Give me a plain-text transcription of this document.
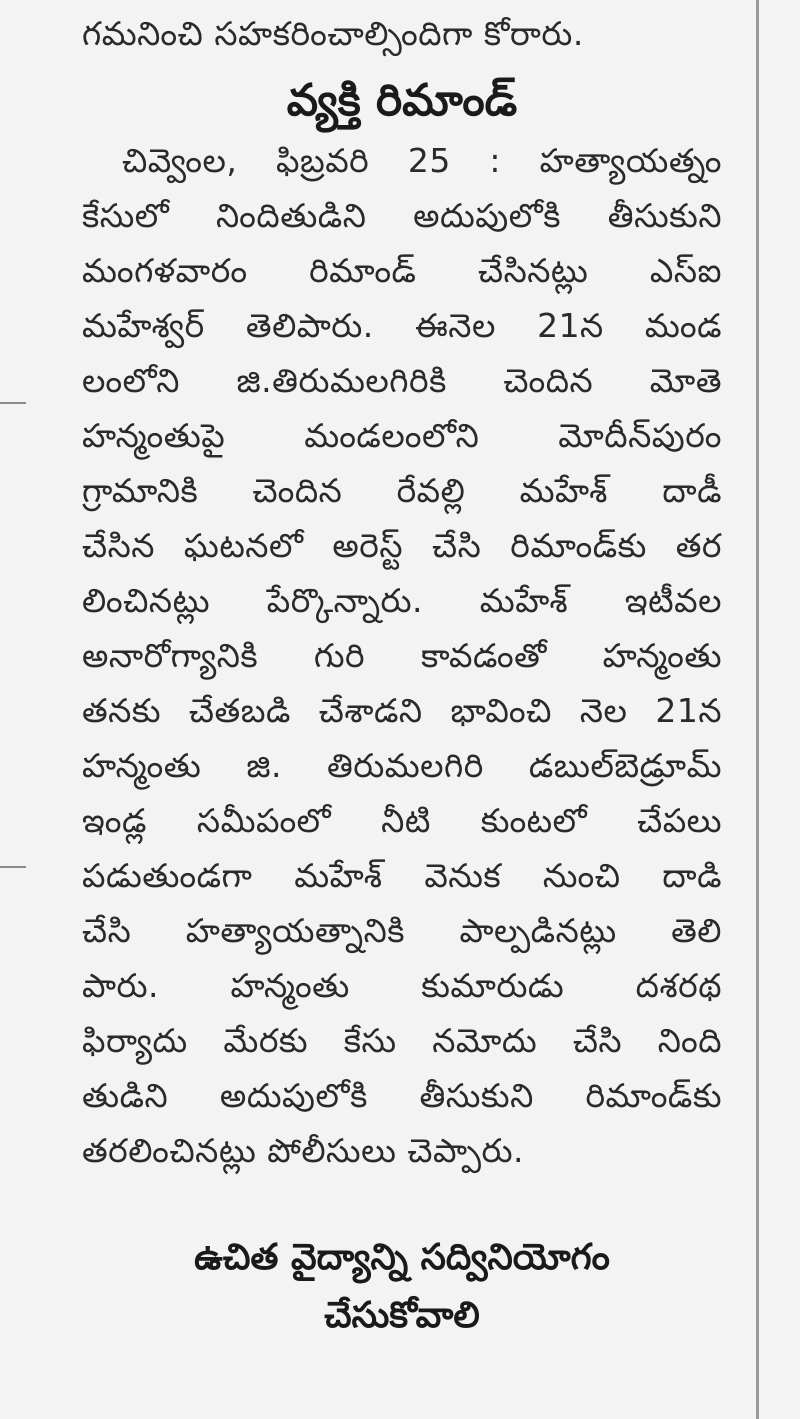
గమనించి సహకరించాల్సిందిగా కోరారు.
వ్యక్తి రిమాండ్
చివ్వెంల, ఫిబ్రవరి 25 : హత్యాయత్నం
కేసులో నిందితుడిని అదుపులోకి తీసుకుని
మంగళవారం రిమాండ్ చేసినట్లు ఎస్ఐ
మహేశ్వర్ తెలిపారు. ఈనెల 21న మండ
లంలోని జి.తిరుమలగిరికి చెందిన మోతె
హన్మంతుపై మండలంలోని మోదీన్‌పురం
గ్రామానికి చెందిన రేవల్లి మహేశ్ దాడీ
చేసిన ఘటనలో అరెస్ట్ చేసి రిమాండ్‌కు తర
లించినట్లు పేర్కొన్నారు. మహేశ్ ఇటీవల
అనారోగ్యానికి గురి కావడంతో హన్మంతు
తనకు చేతబడి చేశాడని భావించి నెల 21న
హన్మంతు జి. తిరుమలగిరి డబుల్‌బెడ్రూమ్
ఇండ్ల సమీపంలో నీటి కుంటలో చేపలు
పడుతుండగా మహేశ్ వెనుక నుంచి దాడి
చేసి హత్యాయత్నానికి పాల్పడినట్లు తెలి
పారు. హన్మంతు కుమారుడు దశరథ
ఫిర్యాదు మేరకు కేసు నమోదు చేసి నింది
తుడిని అదుపులోకి తీసుకుని రిమాండ్‌కు
తరలించినట్లు పోలీసులు చెప్పారు.
ఉచిత వైద్యాన్ని సద్వినియోగం
చేసుకోవాలి
